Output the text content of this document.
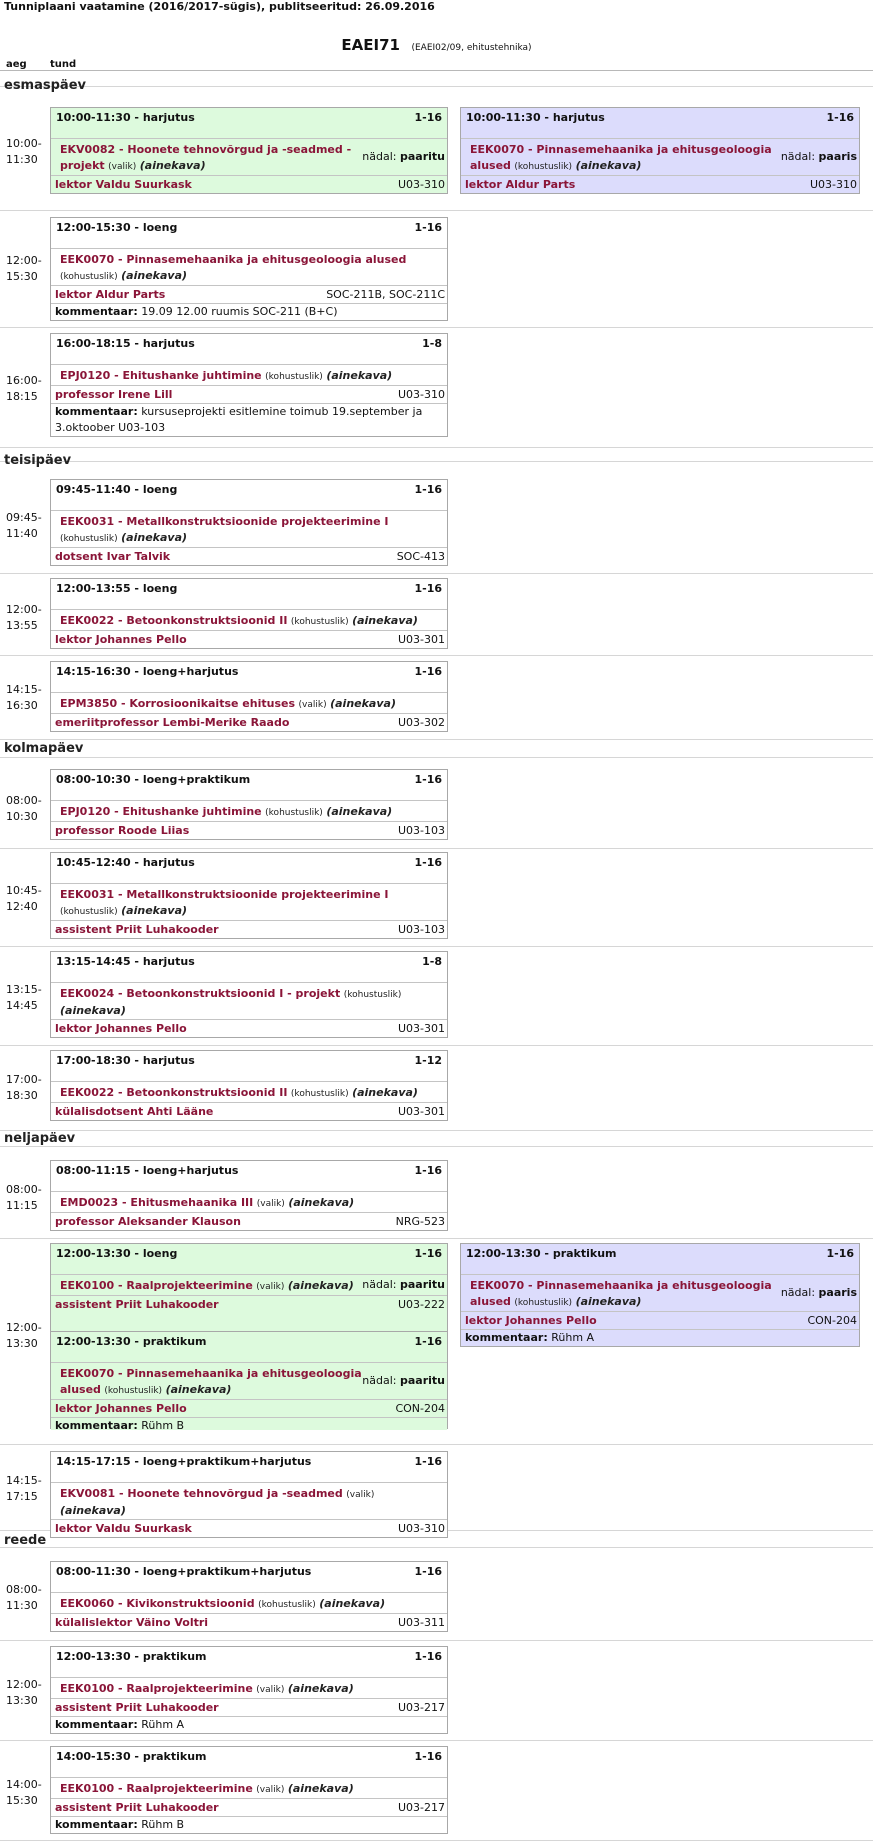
Tunniplaani vaatamine (2016/2017-sügis), publitseeritud: 26.09.2016
EAEI71 (EAEI02/09, ehitustehnika)
aeg tund
esmaspäev
10:00-
11:30
10:00-11:30 - harjutus	1-16
EKV0082 - Hoonete tehnovõrgud ja -seadmed - projekt (valik) (ainekava)
nädal: paaritu
lektor Valdu Suurkask	U03-310
10:00-11:30 - harjutus	1-16
EEK0070 - Pinnasemehaanika ja ehitusgeoloogia alused (kohustuslik) (ainekava)
nädal: paaris
lektor Aldur Parts	U03-310
12:00-
15:30
12:00-15:30 - loeng	1-16
EEK0070 - Pinnasemehaanika ja ehitusgeoloogia alused (kohustuslik) (ainekava)
lektor Aldur Parts	SOC-211B, SOC-211C
kommentaar: 19.09 12.00 ruumis SOC-211 (B+C)
16:00-
18:15
16:00-18:15 - harjutus	1-8
EPJ0120 - Ehitushanke juhtimine (kohustuslik) (ainekava)
professor Irene Lill	U03-310
kommentaar: kursuseprojekti esitlemine toimub 19.september ja 3.oktoober U03-103
teisipäev
09:45-
11:40
09:45-11:40 - loeng	1-16
EEK0031 - Metallkonstruktsioonide projekteerimine I (kohustuslik) (ainekava)
dotsent Ivar Talvik	SOC-413
12:00-
13:55
12:00-13:55 - loeng	1-16
EEK0022 - Betoonkonstruktsioonid II (kohustuslik) (ainekava)
lektor Johannes Pello	U03-301
14:15-
16:30
14:15-16:30 - loeng+harjutus	1-16
EPM3850 - Korrosioonikaitse ehituses (valik) (ainekava)
emeriitprofessor Lembi-Merike Raado	U03-302
kolmapäev
08:00-
10:30
08:00-10:30 - loeng+praktikum	1-16
EPJ0120 - Ehitushanke juhtimine (kohustuslik) (ainekava)
professor Roode Liias	U03-103
10:45-
12:40
10:45-12:40 - harjutus	1-16
EEK0031 - Metallkonstruktsioonide projekteerimine I (kohustuslik) (ainekava)
assistent Priit Luhakooder	U03-103
13:15-
14:45
13:15-14:45 - harjutus	1-8
EEK0024 - Betoonkonstruktsioonid I - projekt (kohustuslik) (ainekava)
lektor Johannes Pello	U03-301
17:00-
18:30
17:00-18:30 - harjutus	1-12
EEK0022 - Betoonkonstruktsioonid II (kohustuslik) (ainekava)
külalisdotsent Ahti Lääne	U03-301
neljapäev
08:00-
11:15
08:00-11:15 - loeng+harjutus	1-16
EMD0023 - Ehitusmehaanika III (valik) (ainekava)
professor Aleksander Klauson	NRG-523
12:00-
13:30
12:00-13:30 - loeng	1-16
EEK0100 - Raalprojekteerimine (valik) (ainekava) nädal: paaritu
assistent Priit Luhakooder	U03-222
12:00-13:30 - praktikum	1-16
EEK0070 - Pinnasemehaanika ja ehitusgeoloogia alused (kohustuslik) (ainekava)
nädal: paaritu
lektor Johannes Pello	CON-204
kommentaar: Rühm B
12:00-13:30 - praktikum	1-16
EEK0070 - Pinnasemehaanika ja ehitusgeoloogia alused (kohustuslik) (ainekava)
nädal: paaris
lektor Johannes Pello	CON-204
kommentaar: Rühm A
14:15-
17:15
14:15-17:15 - loeng+praktikum+harjutus	1-16
EKV0081 - Hoonete tehnovõrgud ja -seadmed (valik) (ainekava)
lektor Valdu Suurkask	U03-310
reede
08:00-
11:30
08:00-11:30 - loeng+praktikum+harjutus	1-16
EEK0060 - Kivikonstruktsioonid (kohustuslik) (ainekava)
külalislektor Väino Voltri	U03-311
12:00-
13:30
12:00-13:30 - praktikum	1-16
EEK0100 - Raalprojekteerimine (valik) (ainekava)
assistent Priit Luhakooder	U03-217
kommentaar: Rühm A
14:00-
15:30
14:00-15:30 - praktikum	1-16
EEK0100 - Raalprojekteerimine (valik) (ainekava)
assistent Priit Luhakooder	U03-217
kommentaar: Rühm B
